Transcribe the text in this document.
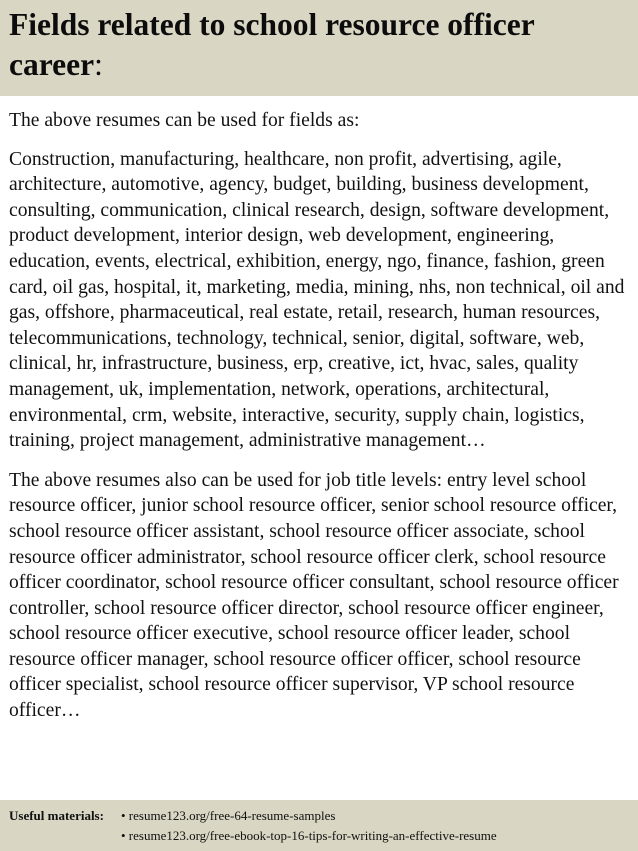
Fields related to school resource officer career:

The above resumes can be used for fields as:

Construction, manufacturing, healthcare, non profit, advertising, agile, architecture, automotive, agency, budget, building, business development, consulting, communication, clinical research, design, software development, product development, interior design, web development, engineering, education, events, electrical, exhibition, energy, ngo, finance, fashion, green card, oil gas, hospital, it, marketing, media, mining, nhs, non technical, oil and gas, offshore, pharmaceutical, real estate, retail, research, human resources, telecommunications, technology, technical, senior, digital, software, web, clinical, hr, infrastructure, business, erp, creative, ict, hvac, sales, quality management, uk, implementation, network, operations, architectural, environmental, crm, website, interactive, security, supply chain, logistics, training, project management, administrative management…

The above resumes also can be used for job title levels: entry level school resource officer, junior school resource officer, senior school resource officer, school resource officer assistant, school resource officer associate, school resource officer administrator, school resource officer clerk, school resource officer coordinator, school resource officer consultant, school resource officer controller, school resource officer director, school resource officer engineer, school resource officer executive, school resource officer leader, school resource officer manager, school resource officer officer, school resource officer specialist, school resource officer supervisor, VP school resource officer…

Useful materials: • resume123.org/free-64-resume-samples
• resume123.org/free-ebook-top-16-tips-for-writing-an-effective-resume
